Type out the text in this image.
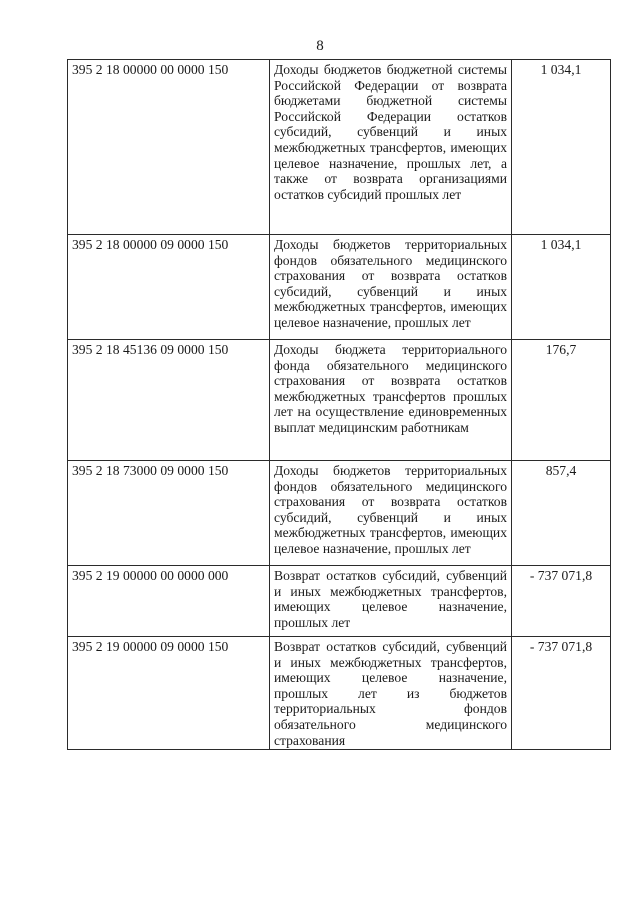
8
395 2 18 00000 00 0000 150	Доходы бюджетов бюджетной системы Российской Федерации от возврата бюджетами бюджетной системы Российской Федерации остатков субсидий, субвенций и иных межбюджетных трансфертов, имеющих целевое назначение, прошлых лет, а также от возврата организациями остатков субсидий прошлых лет	1 034,1
395 2 18 00000 09 0000 150	Доходы бюджетов территориальных фондов обязательного медицинского страхования от возврата остатков субсидий, субвенций и иных межбюджетных трансфертов, имеющих целевое назначение, прошлых лет	1 034,1
395 2 18 45136 09 0000 150	Доходы бюджета территориального фонда обязательного медицинского страхования от возврата остатков межбюджетных трансфертов прошлых лет на осуществление единовременных выплат медицинским работникам	176,7
395 2 18 73000 09 0000 150	Доходы бюджетов территориальных фондов обязательного медицинского страхования от возврата остатков субсидий, субвенций и иных межбюджетных трансфертов, имеющих целевое назначение, прошлых лет	857,4
395 2 19 00000 00 0000 000	Возврат остатков субсидий, субвенций и иных межбюджетных трансфертов, имеющих целевое назначение, прошлых лет	- 737 071,8
395 2 19 00000 09 0000 150	Возврат остатков субсидий, субвенций и иных межбюджетных трансфертов, имеющих целевое назначение, прошлых лет из бюджетов территориальных фондов обязательного медицинского страхования	- 737 071,8
